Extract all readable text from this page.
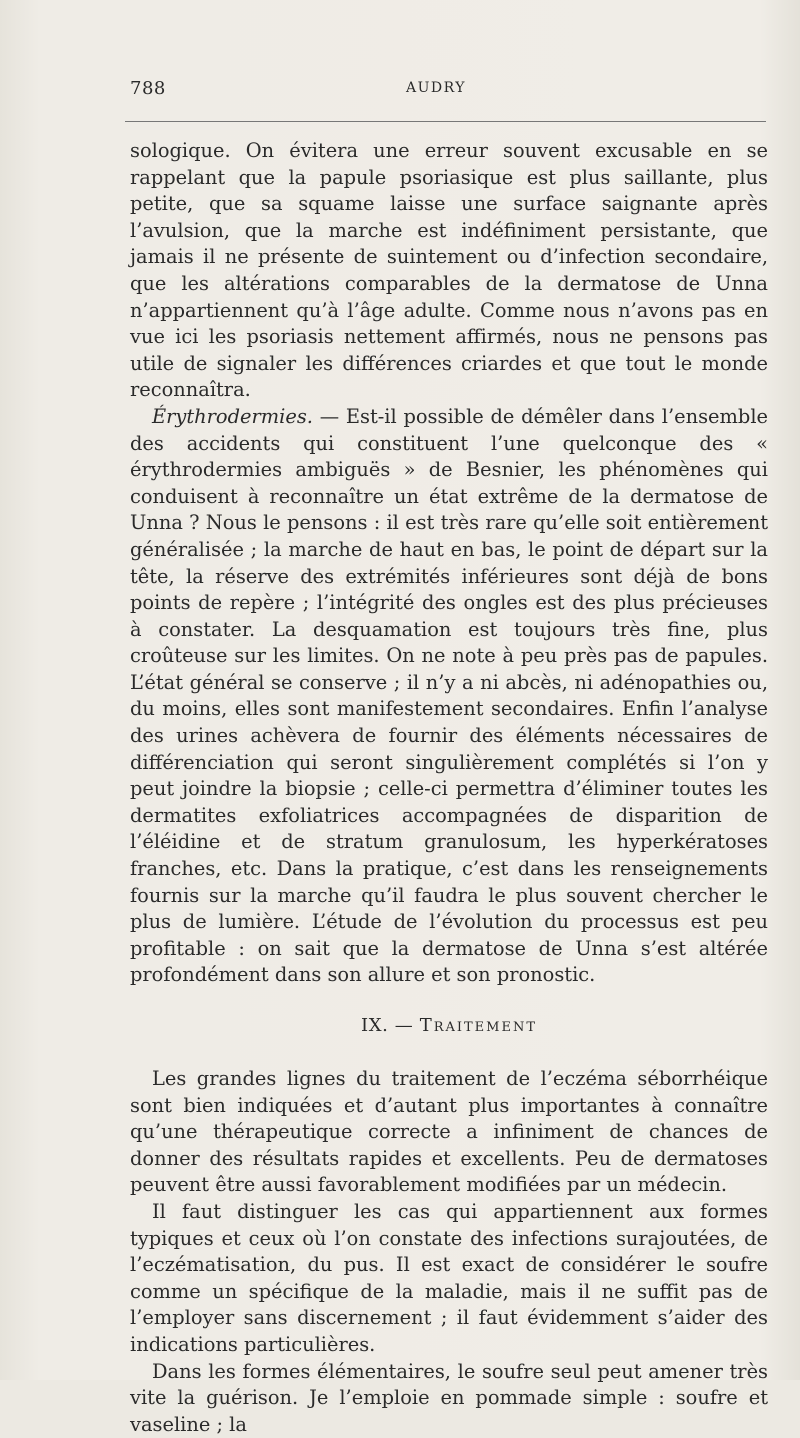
788	AUDRY

sologique. On évitera une erreur souvent excusable en se rappelant que la papule psoriasique est plus saillante, plus petite, que sa squame laisse une surface saignante après l’avulsion, que la marche est indéfiniment persistante, que jamais il ne présente de suintement ou d’infection secondaire, que les altérations comparables de la dermatose de Unna n’appartiennent qu’à l’âge adulte. Comme nous n’avons pas en vue ici les psoriasis nettement affirmés, nous ne pensons pas utile de signaler les différences criardes et que tout le monde reconnaîtra.

Érythrodermies. — Est-il possible de démêler dans l’ensemble des accidents qui constituent l’une quelconque des « érythrodermies ambiguës » de Besnier, les phénomènes qui conduisent à reconnaître un état extrême de la dermatose de Unna ? Nous le pensons : il est très rare qu’elle soit entièrement généralisée ; la marche de haut en bas, le point de départ sur la tête, la réserve des extrémités inférieures sont déjà de bons points de repère ; l’intégrité des ongles est des plus précieuses à constater. La desquamation est toujours très fine, plus croûteuse sur les limites. On ne note à peu près pas de papules. L’état général se conserve ; il n’y a ni abcès, ni adénopathies ou, du moins, elles sont manifestement secondaires. Enfin l’analyse des urines achèvera de fournir des éléments nécessaires de différenciation qui seront singulièrement complétés si l’on y peut joindre la biopsie ; celle-ci permettra d’éliminer toutes les dermatites exfoliatrices accompagnées de disparition de l’éléidine et de stratum granulosum, les hyperkératoses franches, etc. Dans la pratique, c’est dans les renseignements fournis sur la marche qu’il faudra le plus souvent chercher le plus de lumière. L’étude de l’évolution du processus est peu profitable : on sait que la dermatose de Unna s’est altérée profondément dans son allure et son pronostic.

IX. — Traitement

Les grandes lignes du traitement de l’eczéma séborrhéique sont bien indiquées et d’autant plus importantes à connaître qu’une thérapeutique correcte a infiniment de chances de donner des résultats rapides et excellents. Peu de dermatoses peuvent être aussi favorablement modifiées par un médecin.

Il faut distinguer les cas qui appartiennent aux formes typiques et ceux où l’on constate des infections surajoutées, de l’eczématisation, du pus. Il est exact de considérer le soufre comme un spécifique de la maladie, mais il ne suffit pas de l’employer sans discernement ; il faut évidemment s’aider des indications particulières.

Dans les formes élémentaires, le soufre seul peut amener très vite la guérison. Je l’emploie en pommade simple : soufre et vaseline ; la
